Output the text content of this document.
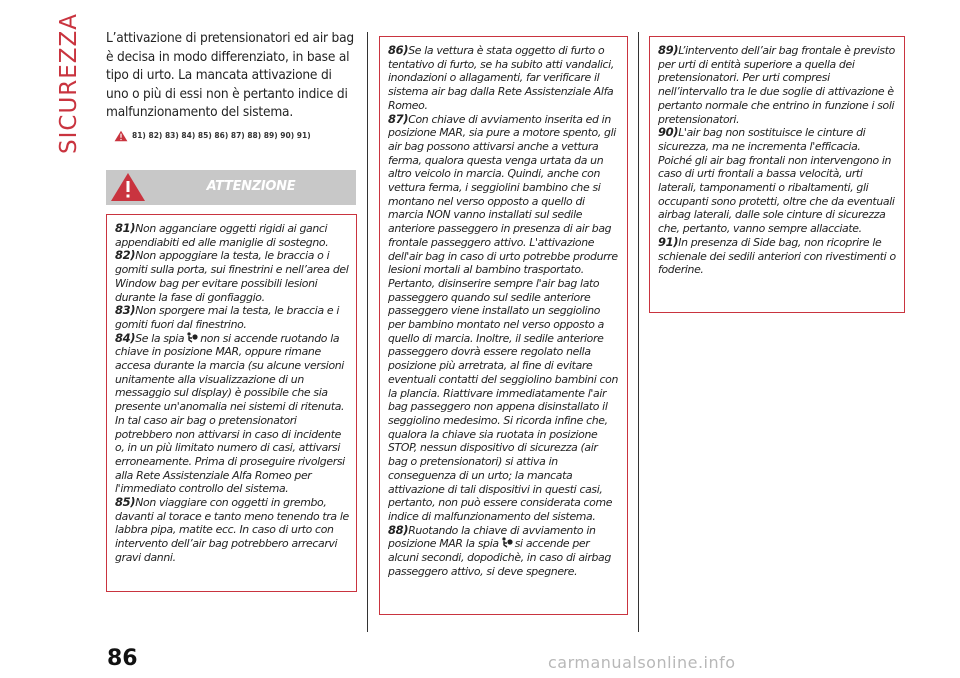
SICUREZZA L’attivazione di pretensionatori ed air bag è decisa in modo differenziato, in base al tipo di urto. La mancata attivazione di uno o più di essi non è pertanto indice di malfunzionamento del sistema.
81) 82) 83) 84) 85) 86) 87) 88) 89) 90) 91)
ATTENZIONE

81)Non agganciare oggetti rigidi ai ganci appendiabiti ed alle maniglie di sostegno.

82)Non appoggiare la testa, le braccia o i gomiti sulla porta, sui finestrini e nell’area del Window bag per evitare possibili lesioni durante la fase di gonfiaggio.

83)Non sporgere mai la testa, le braccia e i gomiti fuori dal finestrino.

84)Se la spia non si accende ruotando la chiave in posizione MAR, oppure rimane accesa durante la marcia (su alcune versioni unitamente alla visualizzazione di un messaggio sul display) è possibile che sia presente un'anomalia nei sistemi di ritenuta. In tal caso air bag o pretensionatori potrebbero non attivarsi in caso di incidente o, in un più limitato numero di casi, attivarsi erroneamente. Prima di proseguire rivolgersi alla Rete Assistenziale Alfa Romeo per l'immediato controllo del sistema.

85)Non viaggiare con oggetti in grembo, davanti al torace e tanto meno tenendo tra le labbra pipa, matite ecc. In caso di urto con intervento dell’air bag potrebbero arrecarvi gravi danni.

86)Se la vettura è stata oggetto di furto o tentativo di furto, se ha subito atti vandalici, inondazioni o allagamenti, far verificare il sistema air bag dalla Rete Assistenziale Alfa Romeo.

87)Con chiave di avviamento inserita ed in posizione MAR, sia pure a motore spento, gli air bag possono attivarsi anche a vettura ferma, qualora questa venga urtata da un altro veicolo in marcia. Quindi, anche con vettura ferma, i seggiolini bambino che si montano nel verso opposto a quello di marcia NON vanno installati sul sedile anteriore passeggero in presenza di air bag frontale passeggero attivo. L'attivazione dell'air bag in caso di urto potrebbe produrre lesioni mortali al bambino trasportato. Pertanto, disinserire sempre l'air bag lato passeggero quando sul sedile anteriore passeggero viene installato un seggiolino per bambino montato nel verso opposto a quello di marcia. Inoltre, il sedile anteriore passeggero dovrà essere regolato nella posizione più arretrata, al fine di evitare eventuali contatti del seggiolino bambini con la plancia. Riattivare immediatamente l'air bag passeggero non appena disinstallato il seggiolino medesimo. Si ricorda infine che, qualora la chiave sia ruotata in posizione STOP, nessun dispositivo di sicurezza (air bag o pretensionatori) si attiva in conseguenza di un urto; la mancata attivazione di tali dispositivi in questi casi, pertanto, non può essere considerata come indice di malfunzionamento del sistema.

88)Ruotando la chiave di avviamento in posizione MAR la spia si accende per alcuni secondi, dopodichè, in caso di airbag passeggero attivo, si deve spegnere.

89)L’intervento dell’air bag frontale è previsto per urti di entità superiore a quella dei pretensionatori. Per urti compresi nell’intervallo tra le due soglie di attivazione è pertanto normale che entrino in funzione i soli pretensionatori.

90)L'air bag non sostituisce le cinture di sicurezza, ma ne incrementa l'efficacia. Poiché gli air bag frontali non intervengono in caso di urti frontali a bassa velocità, urti laterali, tamponamenti o ribaltamenti, gli occupanti sono protetti, oltre che da eventuali airbag laterali, dalle sole cinture di sicurezza che, pertanto, vanno sempre allacciate.

91)In presenza di Side bag, non ricoprire le schienale dei sedili anteriori con rivestimenti o foderine.

86	carmanualsonline.info
